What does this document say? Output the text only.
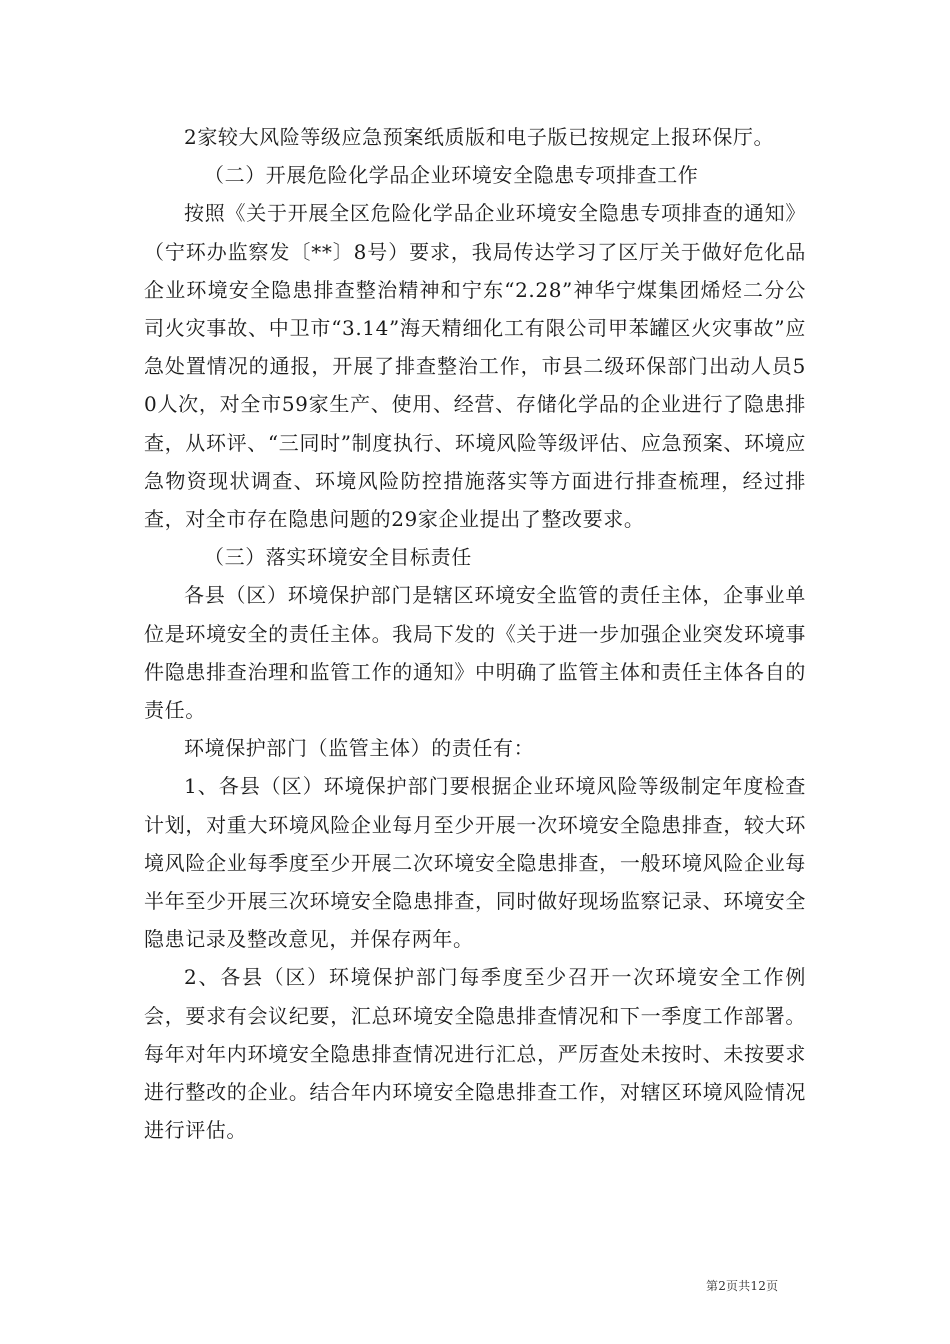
2家较大风险等级应急预案纸质版和电子版已按规定上报环保厅。

（二）开展危险化学品企业环境安全隐患专项排查工作

按照《关于开展全区危险化学品企业环境安全隐患专项排查的通知》（宁环办监察发〔**〕8号）要求，我局传达学习了区厅关于做好危化品企业环境安全隐患排查整治精神和宁东“2.28”神华宁煤集团烯烃二分公司火灾事故、中卫市“3.14”海天精细化工有限公司甲苯罐区火灾事故”应急处置情况的通报，开展了排查整治工作，市县二级环保部门出动人员50人次，对全市59家生产、使用、经营、存储化学品的企业进行了隐患排查，从环评、“三同时”制度执行、环境风险等级评估、应急预案、环境应急物资现状调查、环境风险防控措施落实等方面进行排查梳理，经过排查，对全市存在隐患问题的29家企业提出了整改要求。

（三）落实环境安全目标责任

各县（区）环境保护部门是辖区环境安全监管的责任主体，企事业单位是环境安全的责任主体。我局下发的《关于进一步加强企业突发环境事件隐患排查治理和监管工作的通知》中明确了监管主体和责任主体各自的责任。

环境保护部门（监管主体）的责任有：

1、各县（区）环境保护部门要根据企业环境风险等级制定年度检查计划，对重大环境风险企业每月至少开展一次环境安全隐患排查，较大环境风险企业每季度至少开展二次环境安全隐患排查，一般环境风险企业每半年至少开展三次环境安全隐患排查，同时做好现场监察记录、环境安全隐患记录及整改意见，并保存两年。

2、各县（区）环境保护部门每季度至少召开一次环境安全工作例会，要求有会议纪要，汇总环境安全隐患排查情况和下一季度工作部署。每年对年内环境安全隐患排查情况进行汇总，严厉查处未按时、未按要求进行整改的企业。结合年内环境安全隐患排查工作，对辖区环境风险情况进行评估。

第2页共12页
